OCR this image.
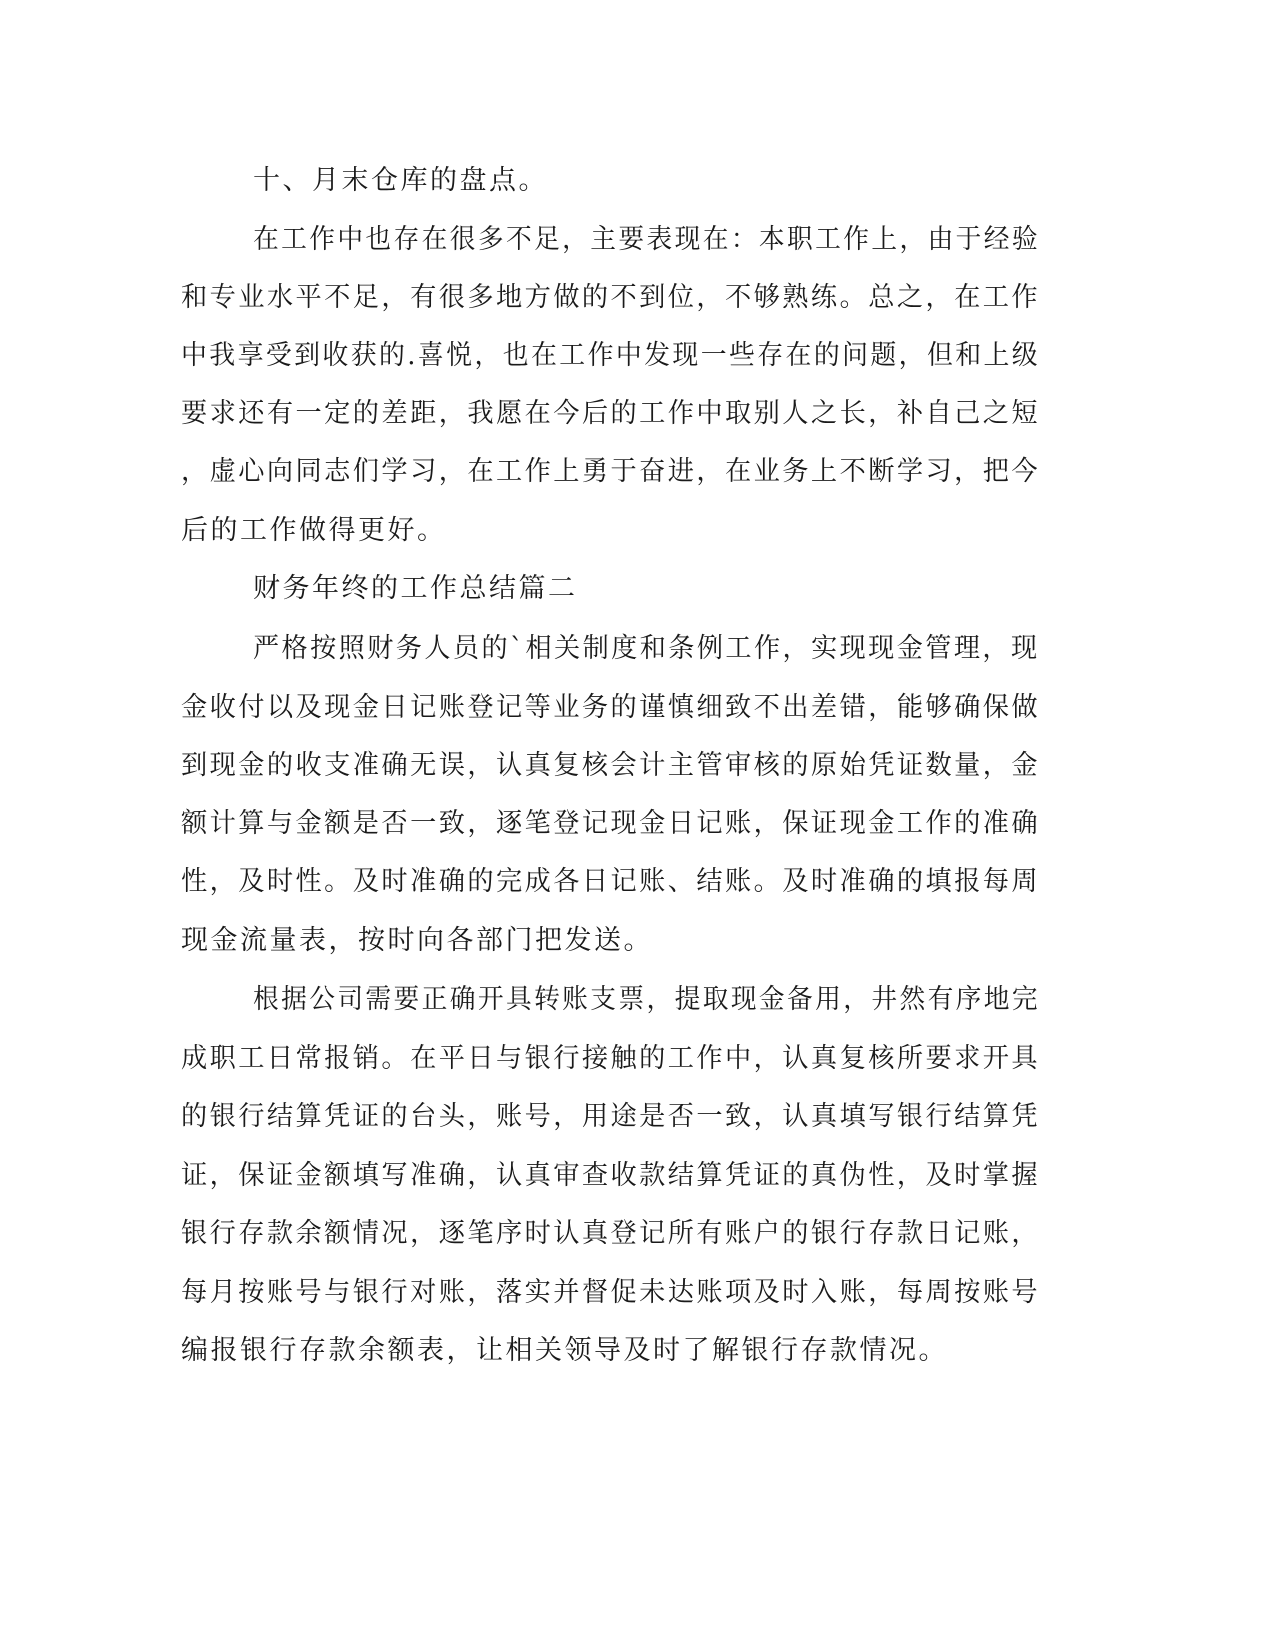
十、月末仓库的盘点。
在工作中也存在很多不足，主要表现在：本职工作上，由于经验
和专业水平不足，有很多地方做的不到位，不够熟练。总之，在工作
中我享受到收获的.喜悦，也在工作中发现一些存在的问题，但和上级
要求还有一定的差距，我愿在今后的工作中取别人之长，补自己之短
，虚心向同志们学习，在工作上勇于奋进，在业务上不断学习，把今
后的工作做得更好。
财务年终的工作总结篇二
严格按照财务人员的`相关制度和条例工作，实现现金管理，现
金收付以及现金日记账登记等业务的谨慎细致不出差错，能够确保做
到现金的收支准确无误，认真复核会计主管审核的原始凭证数量，金
额计算与金额是否一致，逐笔登记现金日记账，保证现金工作的准确
性，及时性。及时准确的完成各日记账、结账。及时准确的填报每周
现金流量表，按时向各部门把发送。
根据公司需要正确开具转账支票，提取现金备用，井然有序地完
成职工日常报销。在平日与银行接触的工作中，认真复核所要求开具
的银行结算凭证的台头，账号，用途是否一致，认真填写银行结算凭
证，保证金额填写准确，认真审查收款结算凭证的真伪性，及时掌握
银行存款余额情况，逐笔序时认真登记所有账户的银行存款日记账，
每月按账号与银行对账，落实并督促未达账项及时入账，每周按账号
编报银行存款余额表，让相关领导及时了解银行存款情况。
